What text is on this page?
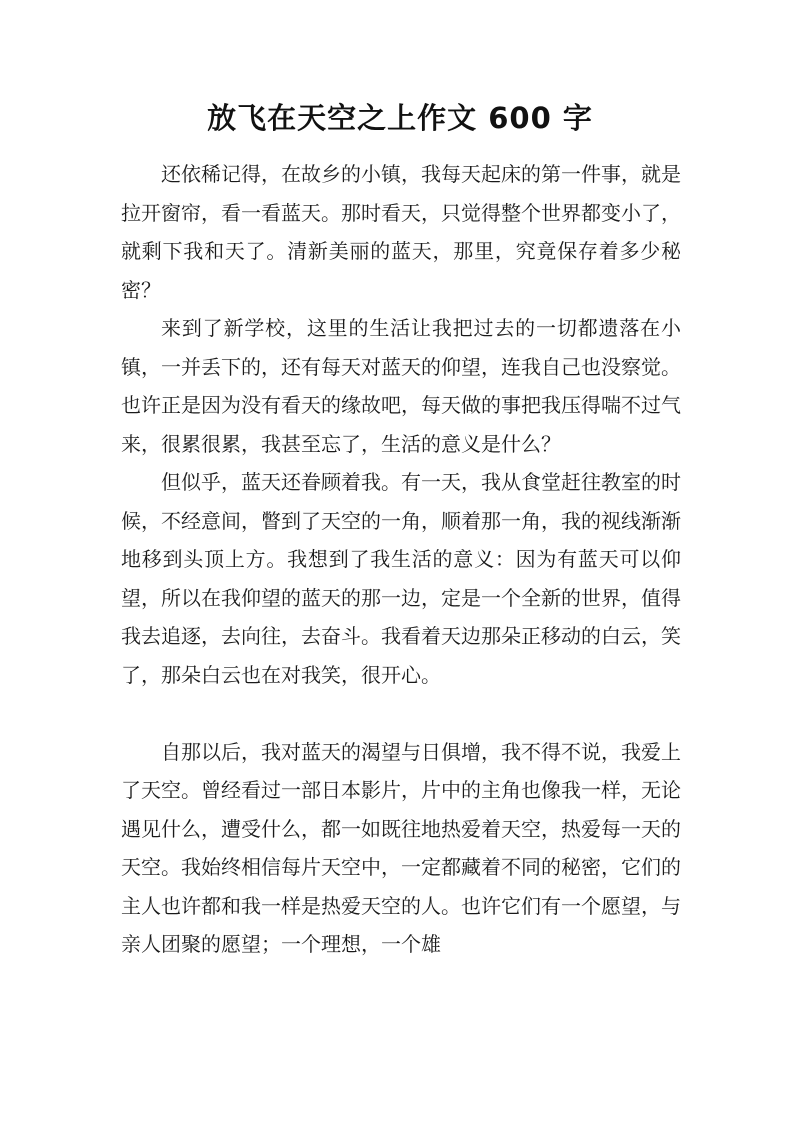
放飞在天空之上作文 600 字

还依稀记得，在故乡的小镇，我每天起床的第一件事，就是拉开窗帘，看一看蓝天。那时看天，只觉得整个世界都变小了，就剩下我和天了。清新美丽的蓝天，那里，究竟保存着多少秘密？

来到了新学校，这里的生活让我把过去的一切都遗落在小镇，一并丢下的，还有每天对蓝天的仰望，连我自己也没察觉。也许正是因为没有看天的缘故吧，每天做的事把我压得喘不过气来，很累很累，我甚至忘了，生活的意义是什么？

但似乎，蓝天还眷顾着我。有一天，我从食堂赶往教室的时候，不经意间，瞥到了天空的一角，顺着那一角，我的视线渐渐地移到头顶上方。我想到了我生活的意义：因为有蓝天可以仰望，所以在我仰望的蓝天的那一边，定是一个全新的世界，值得我去追逐，去向往，去奋斗。我看着天边那朵正移动的白云，笑了，那朵白云也在对我笑，很开心。

自那以后，我对蓝天的渴望与日俱增，我不得不说，我爱上了天空。曾经看过一部日本影片，片中的主角也像我一样，无论遇见什么，遭受什么，都一如既往地热爱着天空，热爱每一天的天空。我始终相信每片天空中，一定都藏着不同的秘密，它们的主人也许都和我一样是热爱天空的人。也许它们有一个愿望，与亲人团聚的愿望；一个理想，一个雄
